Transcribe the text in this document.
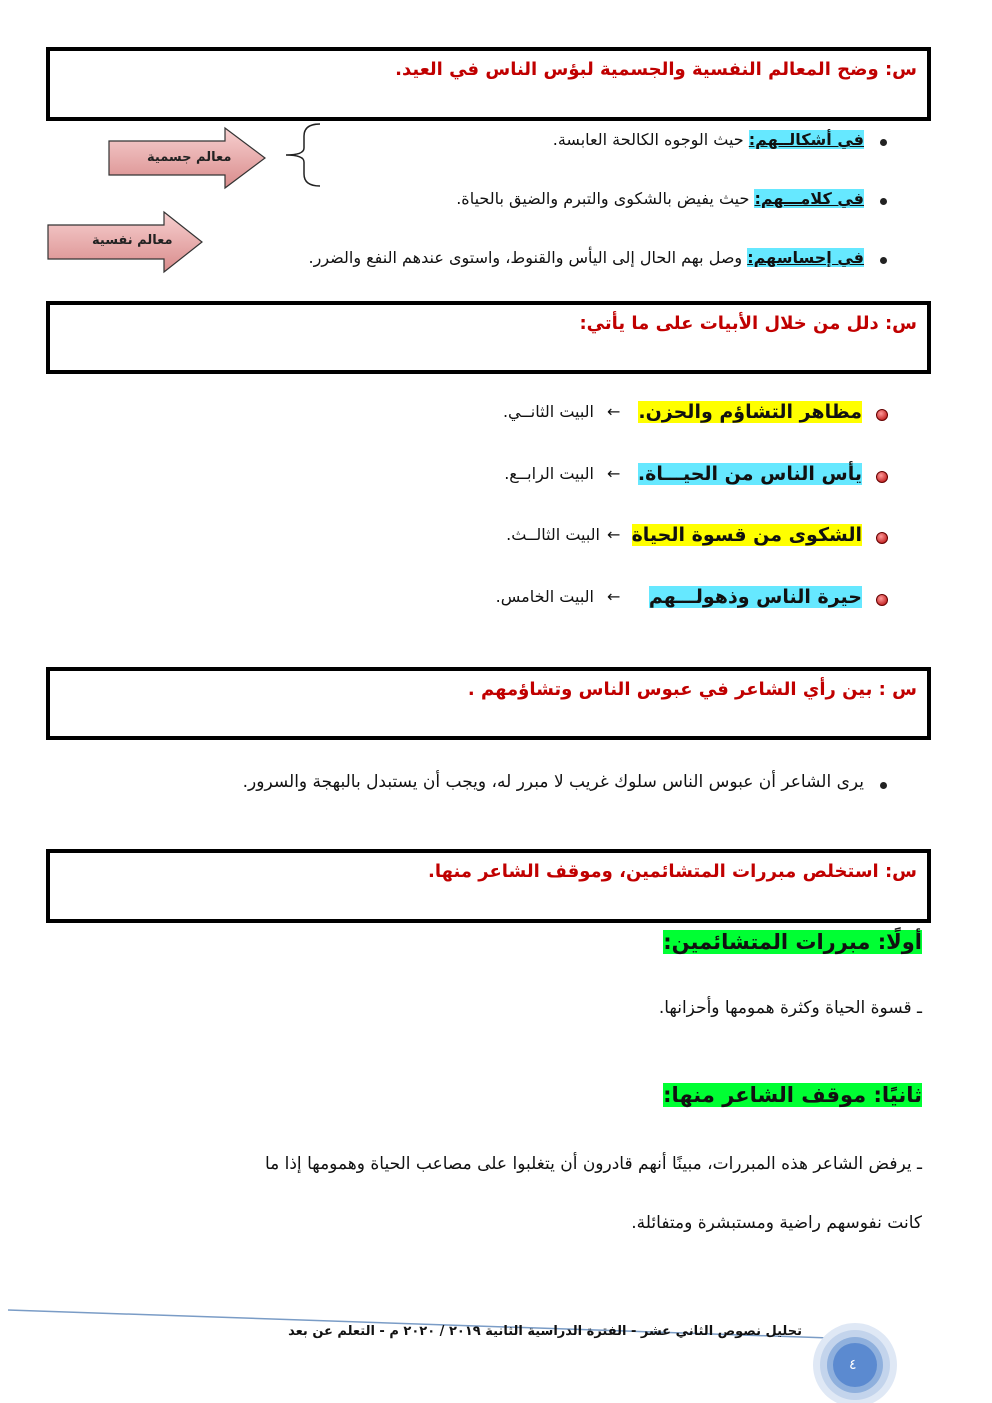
س: وضح المعالم النفسية والجسمية لبؤس الناس في العيد.
في أشكالــهم: حيث الوجوه الكالحة العابسة.
في كلامـــهم: حيث يفيض بالشكوى والتبرم والضيق بالحياة.
في إحساسهم: وصل بهم الحال إلى اليأس والقنوط، واستوى عندهم النفع والضرر.
معالم جسمية
معالم نفسية
س: دلل من خلال الأبيات على ما يأتي:
مظاهر التشاؤم والحزن.
←
البيت الثانــي.
يأس الناس من الحيـــاة.
←
البيت الرابــع.
الشكوى من قسوة الحياة
←
البيت الثالــث.
حيرة الناس وذهولـــهم
←
البيت الخامس.
س : بين رأي الشاعر في عبوس الناس وتشاؤمهم .
يرى الشاعر أن عبوس الناس سلوك غريب لا مبرر له، ويجب أن يستبدل بالبهجة والسرور.
س: استخلص مبررات المتشائمين، وموقف الشاعر منها.
أولًا: مبررات المتشائمين:
ـ قسوة الحياة وكثرة همومها وأحزانها.
ثانيًا: موقف الشاعر منها:
ـ يرفض الشاعر هذه المبررات، مبينًا أنهم قادرون أن يتغلبوا على مصاعب الحياة وهمومها إذا ما
كانت نفوسهم راضية ومستبشرة ومتفائلة.
تحليل نصوص الثاني عشر - الفترة الدراسية الثانية ٢٠١٩ / ٢٠٢٠ م - التعلم عن بعد
٤
